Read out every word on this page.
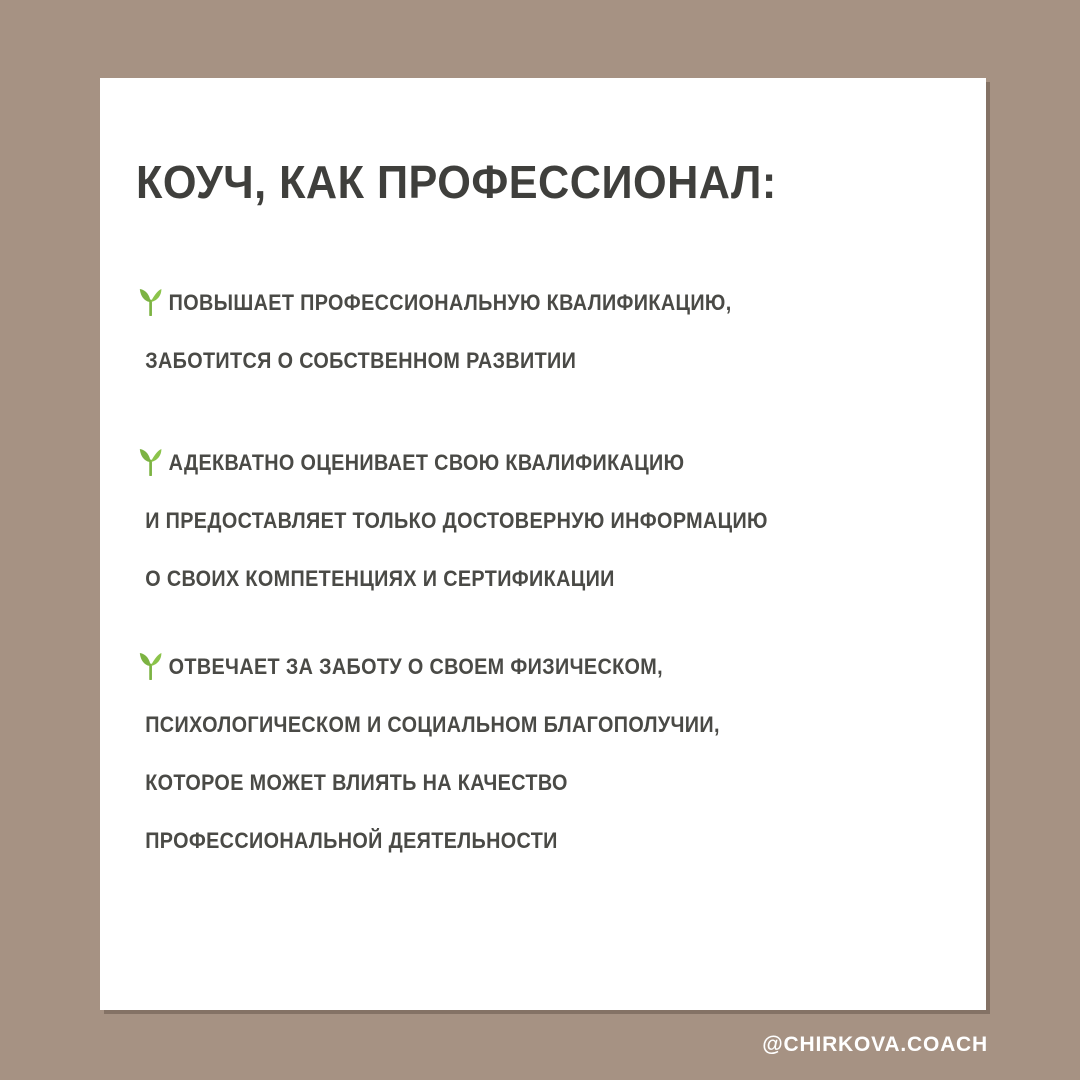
КОУЧ, КАК ПРОФЕССИОНАЛ:
ПОВЫШАЕТ ПРОФЕССИОНАЛЬНУЮ КВАЛИФИКАЦИЮ,
ЗАБОТИТСЯ О СОБСТВЕННОМ РАЗВИТИИ
АДЕКВАТНО ОЦЕНИВАЕТ СВОЮ КВАЛИФИКАЦИЮ
И ПРЕДОСТАВЛЯЕТ ТОЛЬКО ДОСТОВЕРНУЮ ИНФОРМАЦИЮ
О СВОИХ КОМПЕТЕНЦИЯХ И СЕРТИФИКАЦИИ
ОТВЕЧАЕТ ЗА ЗАБОТУ О СВОЕМ ФИЗИЧЕСКОМ,
ПСИХОЛОГИЧЕСКОМ И СОЦИАЛЬНОМ БЛАГОПОЛУЧИИ,
КОТОРОЕ МОЖЕТ ВЛИЯТЬ НА КАЧЕСТВО
ПРОФЕССИОНАЛЬНОЙ ДЕЯТЕЛЬНОСТИ
@CHIRKOVA.COACH
